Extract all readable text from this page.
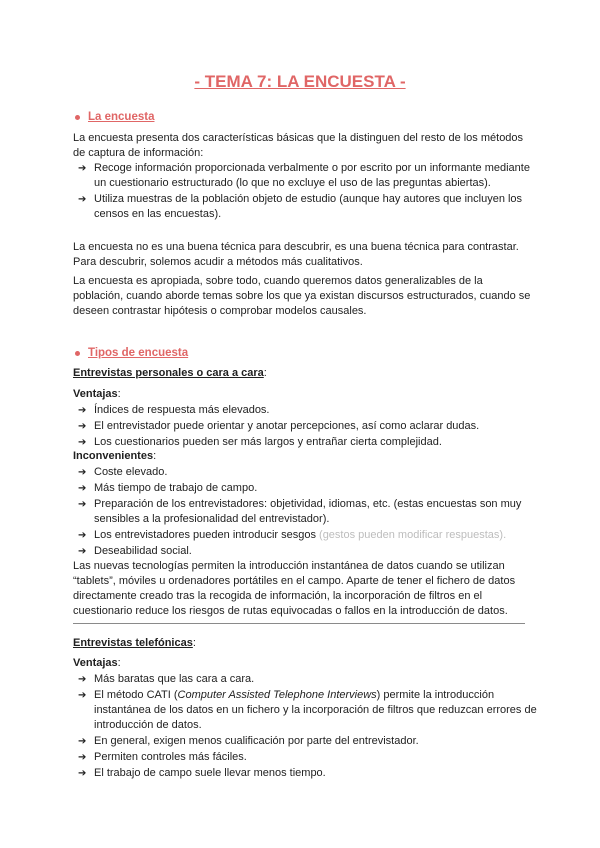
- TEMA 7: LA ENCUESTA -
La encuesta

La encuesta presenta dos características básicas que la distinguen del resto de los métodos de captura de información:

➔ Recoge información proporcionada verbalmente o por escrito por un informante mediante un cuestionario estructurado (lo que no excluye el uso de las preguntas abiertas).
➔ Utiliza muestras de la población objeto de estudio (aunque hay autores que incluyen los censos en las encuestas).

La encuesta no es una buena técnica para descubrir, es una buena técnica para contrastar. Para descubrir, solemos acudir a métodos más cualitativos.

La encuesta es apropiada, sobre todo, cuando queremos datos generalizables de la población, cuando aborde temas sobre los que ya existan discursos estructurados, cuando se deseen contrastar hipótesis o comprobar modelos causales.

Tipos de encuesta

Entrevistas personales o cara a cara:

Ventajas:

➔ Índices de respuesta más elevados.
➔ El entrevistador puede orientar y anotar percepciones, así como aclarar dudas.
➔ Los cuestionarios pueden ser más largos y entrañar cierta complejidad.

Inconvenientes:

➔ Coste elevado.
➔ Más tiempo de trabajo de campo.
➔ Preparación de los entrevistadores: objetividad, idiomas, etc. (estas encuestas son muy sensibles a la profesionalidad del entrevistador).
➔ Los entrevistadores pueden introducir sesgos (gestos pueden modificar respuestas).
➔ Deseabilidad social.

Las nuevas tecnologías permiten la introducción instantánea de datos cuando se utilizan “tablets”, móviles u ordenadores portátiles en el campo. Aparte de tener el fichero de datos directamente creado tras la recogida de información, la incorporación de filtros en el cuestionario reduce los riesgos de rutas equivocadas o fallos en la introducción de datos.

Entrevistas telefónicas:

Ventajas:

➔ Más baratas que las cara a cara.
➔ El método CATI (Computer Assisted Telephone Interviews) permite la introducción instantánea de los datos en un fichero y la incorporación de filtros que reduzcan errores de introducción de datos.
➔ En general, exigen menos cualificación por parte del entrevistador.
➔ Permiten controles más fáciles.
➔ El trabajo de campo suele llevar menos tiempo.
